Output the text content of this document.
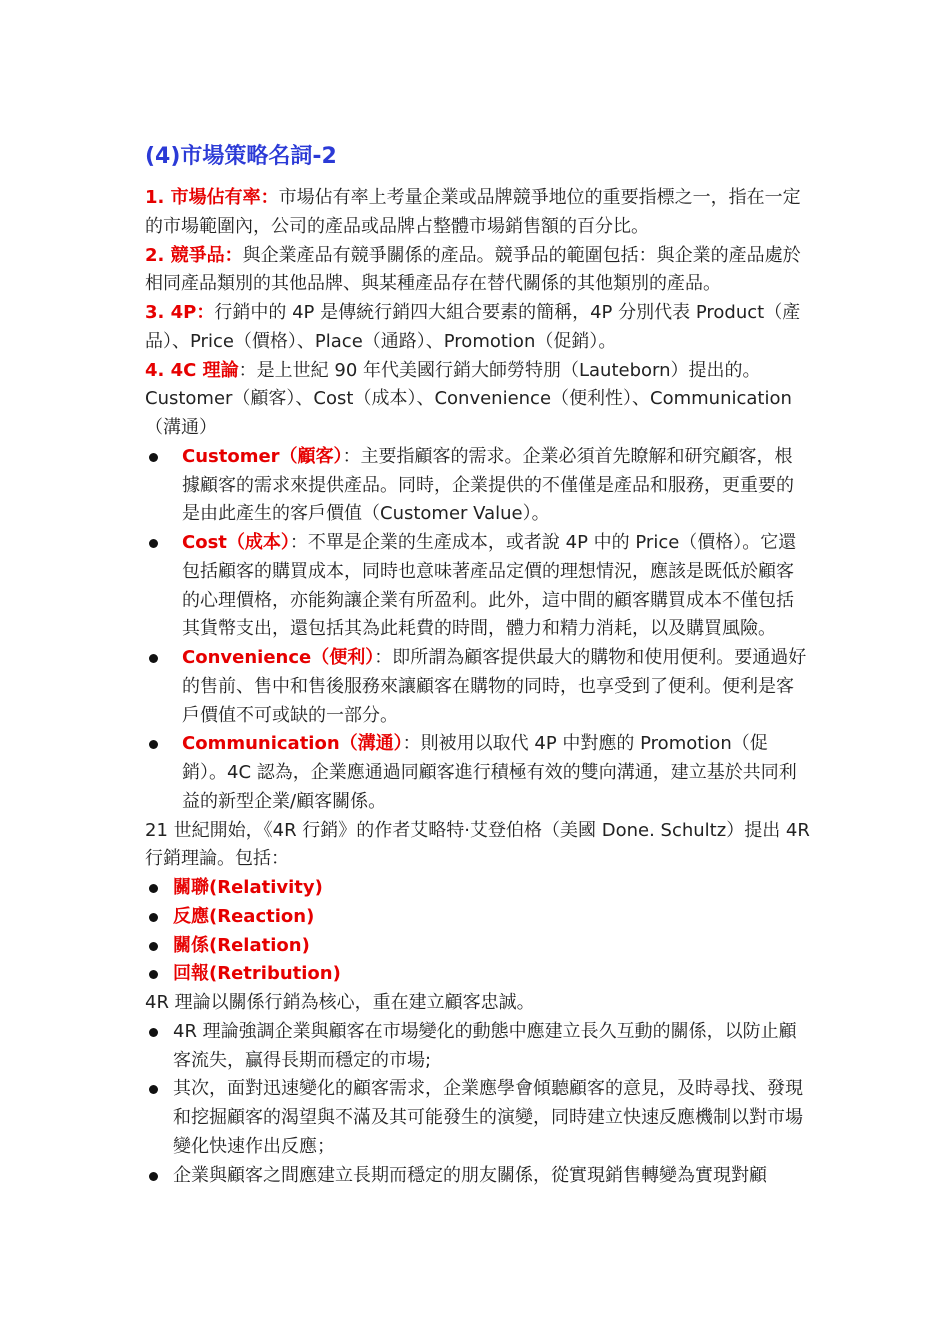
(4)市場策略名詞-2

1. 市場佔有率：市場佔有率上考量企業或品牌競爭地位的重要指標之一，指在一定的市場範圍內，公司的產品或品牌占整體市場銷售額的百分比。

2. 競爭品：與企業產品有競爭關係的產品。競爭品的範圍包括：與企業的產品處於相同產品類別的其他品牌、與某種產品存在替代關係的其他類別的產品。

3. 4P：行銷中的 4P 是傳統行銷四大組合要素的簡稱，4P 分別代表 Product（產品）、Price（價格）、Place（通路）、Promotion（促銷）。

4. 4C 理論：是上世紀 90 年代美國行銷大師勞特朋（Lauteborn）提出的。Customer（顧客）、Cost（成本）、Convenience（便利性）、Communication（溝通）

Customer（顧客）：主要指顧客的需求。企業必須首先瞭解和研究顧客，根據顧客的需求來提供產品。同時，企業提供的不僅僅是產品和服務，更重要的是由此產生的客戶價值（Customer Value）。

Cost（成本）：不單是企業的生產成本，或者說 4P 中的 Price（價格）。它還包括顧客的購買成本，同時也意味著產品定價的理想情況，應該是既低於顧客的心理價格，亦能夠讓企業有所盈利。此外，這中間的顧客購買成本不僅包括其貨幣支出，還包括其為此耗費的時間，體力和精力消耗，以及購買風險。

Convenience（便利）：即所謂為顧客提供最大的購物和使用便利。要通過好的售前、售中和售後服務來讓顧客在購物的同時，也享受到了便利。便利是客戶價值不可或缺的一部分。

Communication（溝通）：則被用以取代 4P 中對應的 Promotion（促銷）。4C 認為，企業應通過同顧客進行積極有效的雙向溝通，建立基於共同利益的新型企業/顧客關係。

21 世紀開始，《4R 行銷》的作者艾略特·艾登伯格（美國 Done. Schultz）提出 4R 行銷理論。包括：

關聯(Relativity)

反應(Reaction)

關係(Relation)

回報(Retribution)

4R 理論以關係行銷為核心，重在建立顧客忠誠。

4R 理論強調企業與顧客在市場變化的動態中應建立長久互動的關係，以防止顧客流失，贏得長期而穩定的市場;

其次，面對迅速變化的顧客需求，企業應學會傾聽顧客的意見，及時尋找、發現和挖掘顧客的渴望與不滿及其可能發生的演變，同時建立快速反應機制以對市場變化快速作出反應；

企業與顧客之間應建立長期而穩定的朋友關係，從實現銷售轉變為實現對顧
